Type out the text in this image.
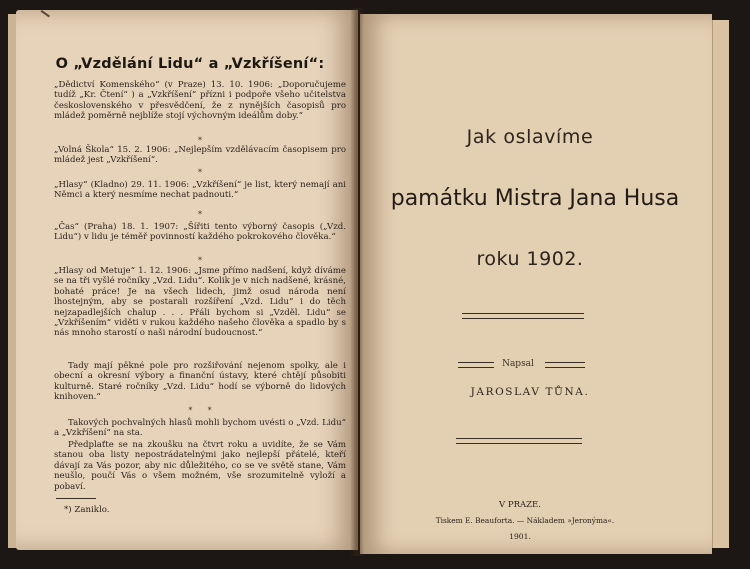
O „Vzdělání Lidu“ a „Vzkříšení“:
„Dědictví Komenského“ (v Praze) 13. 10. 1906: „Doporučujeme tudíž „Kr. Čtení“ ) a „Vzkříšení“ přízni i podpoře všeho učitelstva československého v přesvědčení, že z nynějších časopisů pro mládež poměrně nejblíže stojí výchovným ideálům doby.“
*
„Volná Škola“ 15. 2. 1906: „Nejlepším vzdělávacím časopisem pro mládež jest „Vzkříšení“.
*
„Hlasy“ (Kladno) 29. 11. 1906: „Vzkříšení“ je list, který nemají ani Němci a který nesmíme nechat padnouti.“
*
„Čas“ (Praha) 18. 1. 1907: „Šířiti tento výborný časopis („Vzd. Lidu“) v lidu je téměř povinností každého pokrokového člověka.“
*
„Hlasy od Metuje“ 1. 12. 1906: „Jsme přímo nadšení, když díváme se na tři vyšlé ročníky „Vzd. Lidu“. Kolik je v nich nadšené, krásné, bohaté práce! Je na všech lidech, jimž osud národa není lhostejným, aby se postarali rozšíření „Vzd. Lidu“ i do těch nejzapadlejších chalup . . . Přáli bychom si „Vzděl. Lidu“ se „Vzkříšením“ viděti v rukou každého našeho člověka a spadlo by s nás mnoho starostí o naši národní budoucnost.“
Tady mají pěkné pole pro rozšiřování nejenom spolky, ale i obecní a okresní výbory a finanční ústavy, které chtějí působiti kulturně. Staré ročníky „Vzd. Lidu“ hodí se výborně do lidových knihoven.“
*      *
Takových pochvalných hlasů mohli bychom uvésti o „Vzd. Lidu“ a „Vzkříšení“ na sta.
Předplaťte se na zkoušku na čtvrt roku a uvidíte, že se Vám stanou oba listy nepostrádatelnými jako nejlepší přátelé, kteří dávají za Vás pozor, aby nic důležitého, co se ve světě stane, Vám neušlo, poučí Vás o všem možném, vše srozumitelně vyloží a pobaví.
*) Zaniklo.
Jak oslavíme
památku Mistra Jana Husa
roku 1902.
Napsal
JAROSLAV TŮNA.
V PRAZE.
Tiskem E. Beauforta. — Nákladem »Jeronýma«.
1901.
